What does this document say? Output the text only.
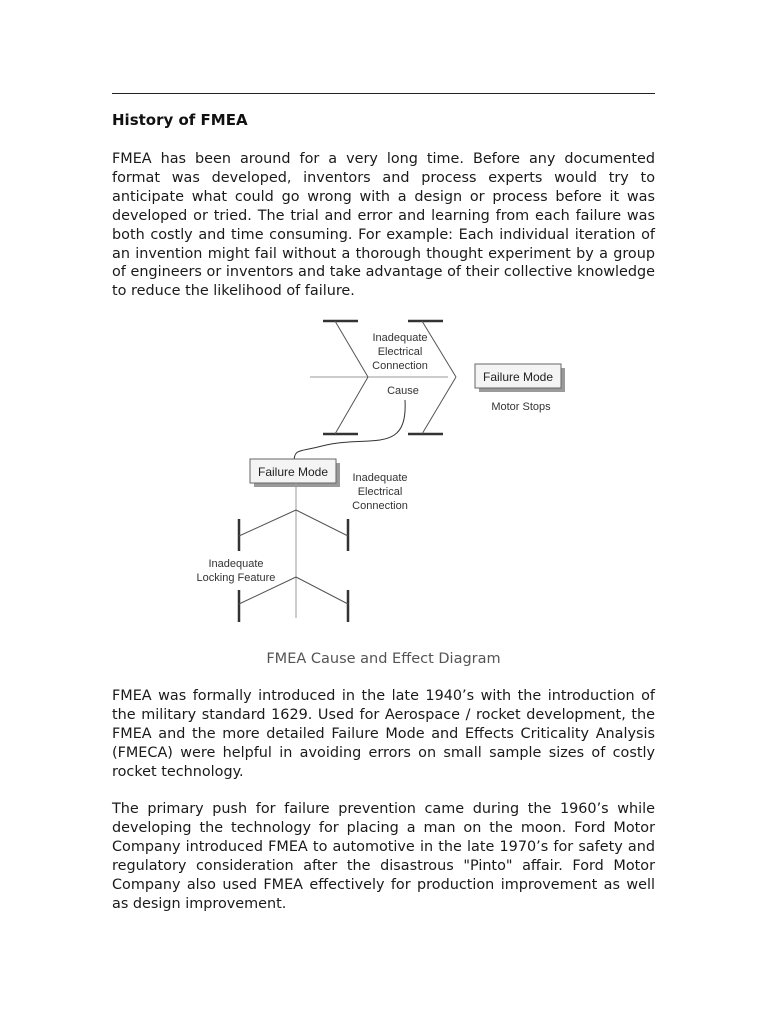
History of FMEA
FMEA has been around for a very long time. Before any documented format was developed, inventors and process experts would try to anticipate what could go wrong with a design or process before it was developed or tried. The trial and error and learning from each failure was both costly and time consuming. For example: Each individual iteration of an invention might fail without a thorough thought experiment by a group of engineers or inventors and take advantage of their collective knowledge to reduce the likelihood of failure.
Inadequate
Electrical
Connection
Cause
Failure Mode
Motor Stops
Failure Mode Inadequate
Electrical
Connection
Inadequate
Locking Feature
FMEA Cause and Effect Diagram
FMEA was formally introduced in the late 1940’s with the introduction of the military standard 1629. Used for Aerospace / rocket development, the FMEA and the more detailed Failure Mode and Effects Criticality Analysis (FMECA) were helpful in avoiding errors on small sample sizes of costly rocket technology.
The primary push for failure prevention came during the 1960’s while developing the technology for placing a man on the moon. Ford Motor Company introduced FMEA to automotive in the late 1970’s for safety and regulatory consideration after the disastrous "Pinto" affair. Ford Motor Company also used FMEA effectively for production improvement as well as design improvement.
